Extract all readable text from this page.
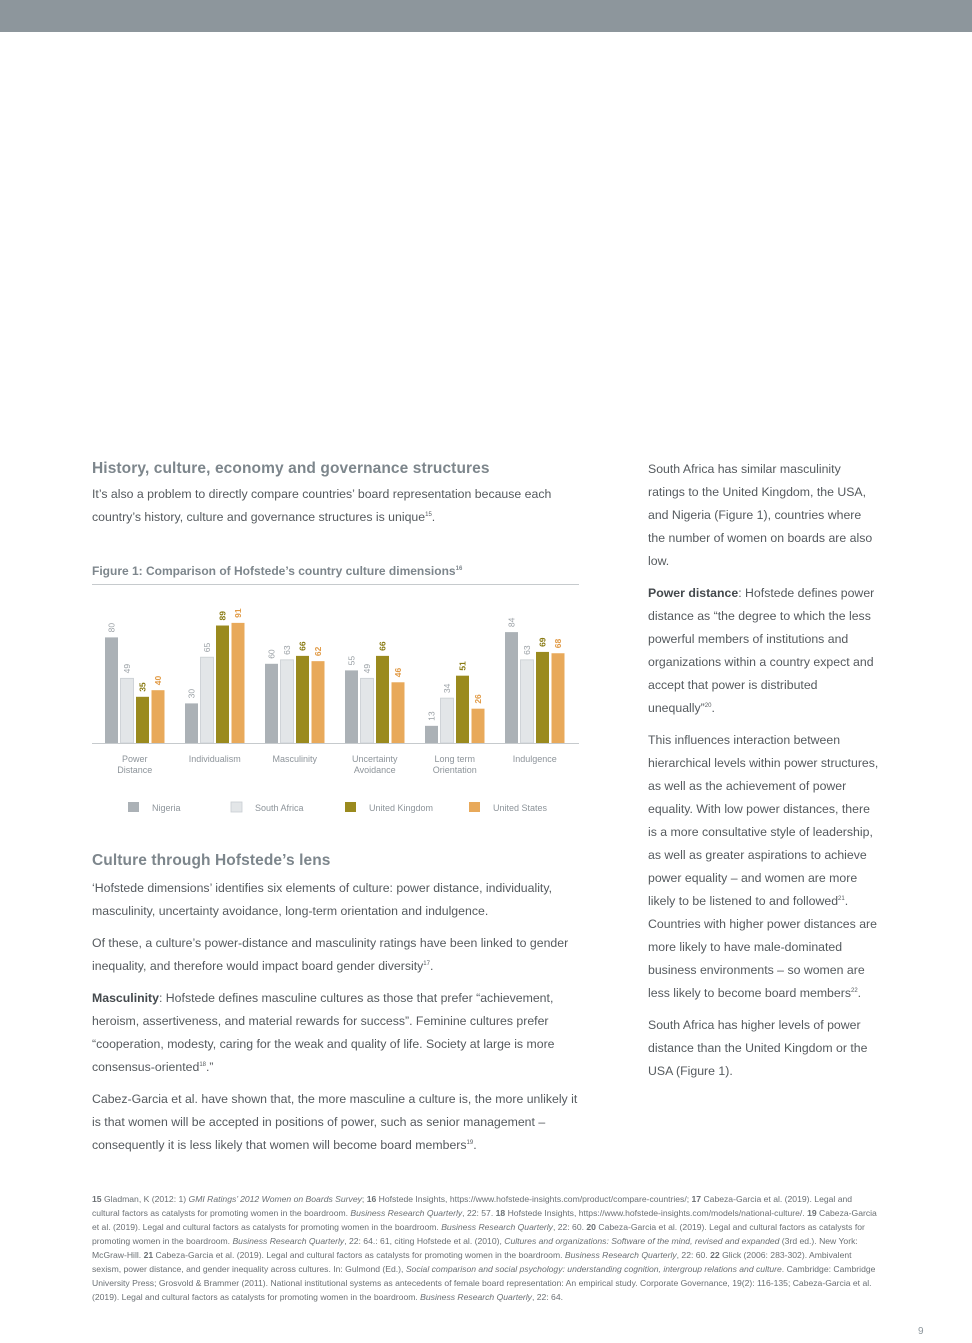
History, culture, economy and governance structures

It’s also a problem to directly compare countries’ board representation because each country’s history, culture and governance structures is unique$^{15}$.

Figure 1: Comparison of Hofstede’s country culture dimensions$^{16}$
80
49
35
40
Power
Distance
30
65
89 91
Individualism
60 63 66
62
Masculinity
55
49
66
46
Uncertainty
Avoidance
13
34
51
26
Long term
Orientation
84
63
69 68
Indulgence
Nigeria	South Africa	United Kingdom	United States
Culture through Hofstede’s lens

‘Hofstede dimensions’ identifies six elements of culture: power distance, individuality, masculinity, uncertainty avoidance, long-term orientation and indulgence.

Of these, a culture’s power-distance and masculinity ratings have been linked to gender inequality, and therefore would impact board gender diversity$^{17}$.

Masculinity: Hofstede defines masculine cultures as those that prefer “achievement, heroism, assertiveness, and material rewards for success”. Feminine cultures prefer “cooperation, modesty, caring for the weak and quality of life. Society at large is more consensus-oriented$^{18}$.”

Cabez-Garcia et al. have shown that, the more masculine a culture is, the more unlikely it is that women will be accepted in positions of power, such as senior management – consequently it is less likely that women will become board members$^{19}$.

South Africa has similar masculinity ratings to the United Kingdom, the USA, and Nigeria (Figure 1), countries where the number of women on boards are also low.

Power distance: Hofstede defines power distance as “the degree to which the less powerful members of institutions and organizations within a country expect and accept that power is distributed unequally”$^{20}$.

This influences interaction between hierarchical levels within power structures, as well as the achievement of power equality. With low power distances, there is a more consultative style of leadership, as well as greater aspirations to achieve power equality – and women are more likely to be listened to and followed$^{21}$. Countries with higher power distances are more likely to have male-dominated business environments – so women are less likely to become board members$^{22}$.

South Africa has higher levels of power distance than the United Kingdom or the USA (Figure 1).

15 Gladman, K (2012: 1) GMI Ratings’ 2012 Women on Boards Survey; 16 Hofstede Insights, https://www.hofstede-insights.com/product/compare-countries/; 17 Cabeza-Garcia et al. (2019). Legal and cultural factors as catalysts for promoting women in the boardroom. Business Research Quarterly, 22: 57. 18 Hofstede Insights, https://www.hofstede-insights.com/models/national-culture/. 19 Cabeza-Garcia et al. (2019). Legal and cultural factors as catalysts for promoting women in the boardroom. Business Research Quarterly, 22: 60. 20 Cabeza-Garcia et al. (2019). Legal and cultural factors as catalysts for promoting women in the boardroom. Business Research Quarterly, 22: 64.: 61, citing Hofstede et al. (2010), Cultures and organizations: Software of the mind, revised and expanded (3rd ed.). New York: McGraw-Hill. 21 Cabeza-Garcia et al. (2019). Legal and cultural factors as catalysts for promoting women in the boardroom. Business Research Quarterly, 22: 60. 22 Glick (2006: 283-302). Ambivalent sexism, power distance, and gender inequality across cultures. In: Gulmond (Ed.), Social comparison and social psychology: understanding cognition, intergroup relations and culture. Cambridge: Cambridge University Press; Grosvold & Brammer (2011). National institutional systems as antecedents of female board representation: An empirical study. Corporate Governance, 19(2): 116-135; Cabeza-Garcia et al. (2019). Legal and cultural factors as catalysts for promoting women in the boardroom. Business Research Quarterly, 22: 64.
9
